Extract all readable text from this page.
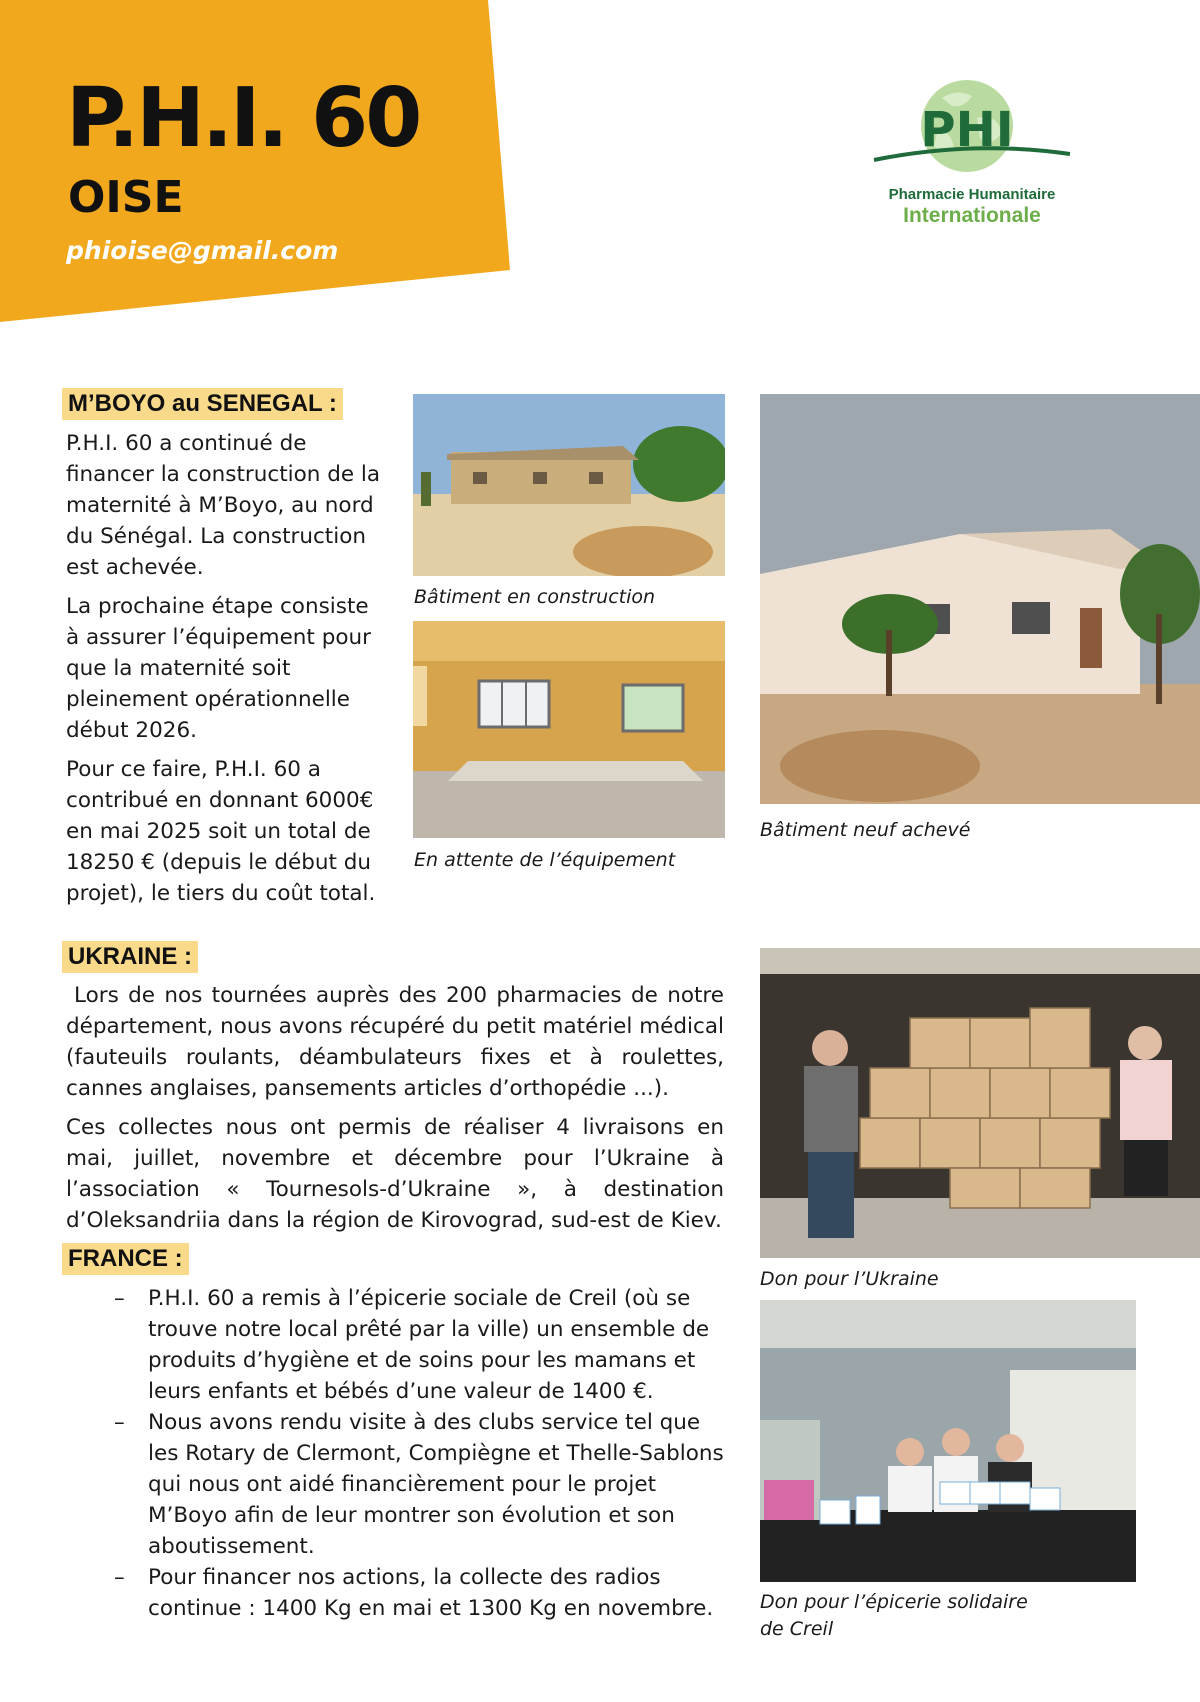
P.H.I. 60
OISE
phioise@gmail.com
PHI
Pharmacie Humanitaire
Internationale
M’BOYO au SENEGAL :

P.H.I. 60 a continué de financer la construction de la maternité à M’Boyo, au nord du Sénégal. La construction est achevée.

La prochaine étape consiste à assurer l’équipement pour que la maternité soit pleinement opérationnelle début 2026.

Pour ce faire, P.H.I. 60 a contribué en donnant 6000€ en mai 2025 soit un total de 18250 € (depuis le début du projet), le tiers du coût total.

Bâtiment en construction

En attente de l’équipement

Bâtiment neuf achevé

UKRAINE :

Lors de nos tournées auprès des 200 pharmacies de notre département, nous avons récupéré du petit matériel médical (fauteuils roulants, déambulateurs fixes et à roulettes, cannes anglaises, pansements articles d’orthopédie ...).

Ces collectes nous ont permis de réaliser 4 livraisons en mai, juillet, novembre et décembre pour l’Ukraine à l’association « Tournesols-d’Ukraine », à destination d’Oleksandriia dans la région de Kirovograd, sud-est de Kiev.

Don pour l’Ukraine

FRANCE :
– P.H.I. 60 a remis à l’épicerie sociale de Creil (où se trouve notre local prêté par la ville) un ensemble de produits d’hygiène et de soins pour les mamans et leurs enfants et bébés d’une valeur de 1400 €.
– Nous avons rendu visite à des clubs service tel que les Rotary de Clermont, Compiègne et Thelle-Sablons qui nous ont aidé financièrement pour le projet M’Boyo afin de leur montrer son évolution et son aboutissement.
– Pour financer nos actions, la collecte des radios continue : 1400 Kg en mai et 1300 Kg en novembre.	Don pour l’épicerie solidaire

de Creil
